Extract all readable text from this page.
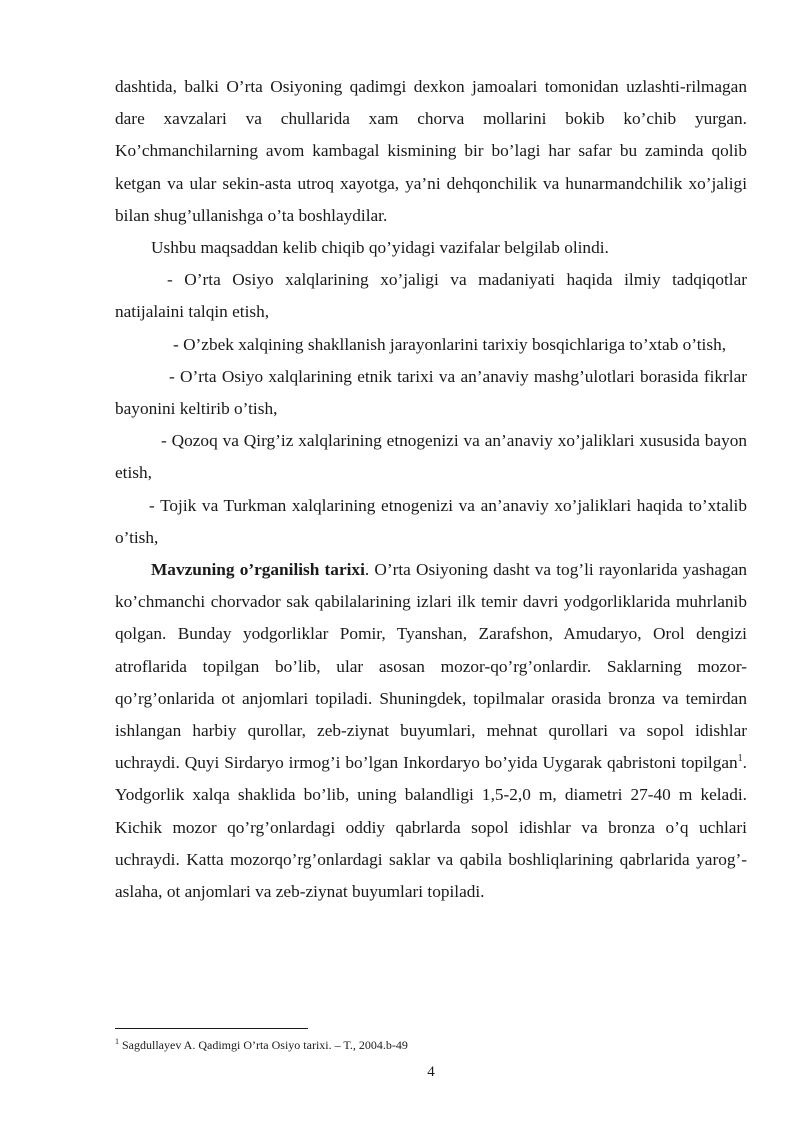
dashtida, balki O’rta Osiyoning qadimgi dexkon jamoalari tomonidan uzlashti-rilmagan dare xavzalari va chullarida xam chorva mollarini bokib ko’chib yurgan. Ko’chmanchilarning avom kambagal kismining bir bo’lagi har safar bu zaminda qolib ketgan va ular sekin-asta utroq xayotga, ya’ni dehqonchilik va hunarmandchilik xo’jaligi bilan shug’ullanishga o’ta boshlaydilar.

Ushbu maqsaddan kelib chiqib qo’yidagi vazifalar belgilab olindi.

- O’rta Osiyo xalqlarining xo’jaligi va madaniyati haqida ilmiy tadqiqotlar natijalaini talqin etish,

- O’zbek xalqining shakllanish jarayonlarini tarixiy bosqichlariga to’xtab o’tish,

- O’rta Osiyo xalqlarining etnik tarixi va an’anaviy mashg’ulotlari borasida fikrlar bayonini keltirib o’tish,

- Qozoq va Qirg’iz xalqlarining etnogenizi va an’anaviy xo’jaliklari xususida bayon etish,

- Tojik va Turkman xalqlarining etnogenizi va an’anaviy xo’jaliklari haqida to’xtalib o’tish,

Mavzuning o’rganilish tarixi. O’rta Osiyoning dasht va tog’li rayonlarida yashagan ko’chmanchi chorvador sak qabilalarining izlari ilk temir davri yodgorliklarida muhrlanib qolgan. Bunday yodgorliklar Pomir, Tyanshan, Zarafshon, Amudaryo, Orol dengizi atroflarida topilgan bo’lib, ular asosan mozor-qo’rg’onlardir. Saklarning mozor-qo’rg’onlarida ot anjomlari topiladi. Shuningdek, topilmalar orasida bronza va temirdan ishlangan harbiy qurollar, zeb-ziynat buyumlari, mehnat qurollari va sopol idishlar uchraydi. Quyi Sirdaryo irmog’i bo’lgan Inkordaryo bo’yida Uygarak qabristoni topilgan$^1$. Yodgorlik xalqa shaklida bo’lib, uning balandligi 1,5-2,0 m, diametri 27-40 m keladi. Kichik mozor qo’rg’onlardagi oddiy qabrlarda sopol idishlar va bronza o’q uchlari uchraydi. Katta mozorqo’rg’onlardagi saklar va qabila boshliqlarining qabrlarida yarog’-aslaha, ot anjomlari va zeb-ziynat buyumlari topiladi.

$^1$ Sagdullayev A. Qadimgi O’rta Osiyo tarixi. – T., 2004.b-49
4
